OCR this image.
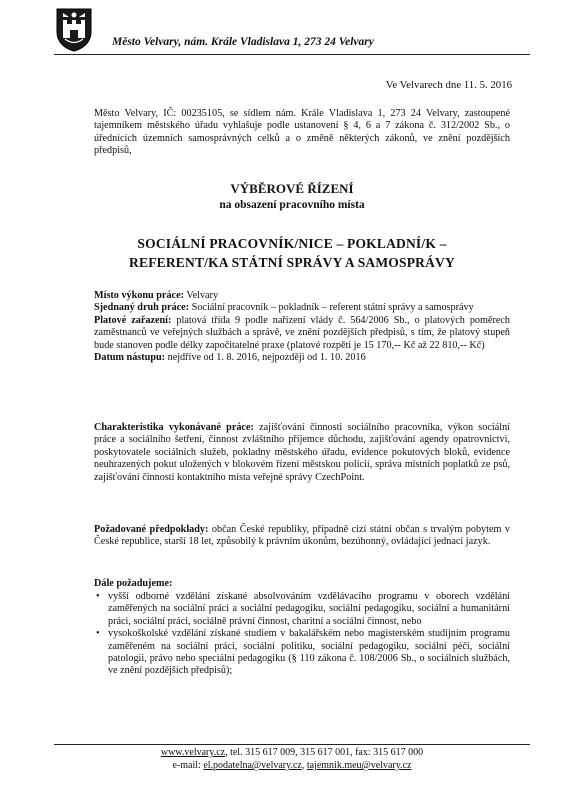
Město Velvary, nám. Krále Vladislava 1, 273 24 Velvary
Ve Velvarech dne 11. 5. 2016
Město Velvary, IČ: 00235105, se sídlem nám. Krále Vladislava 1, 273 24 Velvary, zastoupené tajemníkem městského úřadu vyhlašuje podle ustanovení § 4, 6 a 7 zákona č. 312/2002 Sb., o úřednících územních samosprávných celků a o změně některých zákonů, ve znění pozdějších předpisů,
VÝBĚROVÉ ŘÍZENÍ
na obsazení pracovního místa
SOCIÁLNÍ PRACOVNÍK/NICE – POKLADNÍ/K –
REFERENT/KA STÁTNÍ SPRÁVY A SAMOSPRÁVY
Místo výkonu práce: Velvary
Sjednaný druh práce: Sociální pracovník – pokladník – referent státní správy a samosprávy
Platové zařazení: platová třída 9 podle nařízení vlády č. 564/2006 Sb., o platových poměrech zaměstnanců ve veřejných službách a správě, ve znění pozdějších předpisů, s tím, že platový stupeň bude stanoven podle délky započitatelné praxe (platové rozpětí je 15 170,-- Kč až 22 810,-- Kč)
Datum nástupu: nejdříve od 1. 8. 2016, nejpozději od 1. 10. 2016
Charakteristika vykonávané práce: zajišťování činnosti sociálního pracovníka, výkon sociální práce a sociálního šetření, činnost zvláštního příjemce důchodu, zajišťování agendy opatrovnictví, poskytovatele sociálních služeb, pokladny městského úřadu, evidence pokutových bloků, evidence neuhrazených pokut uložených v blokovém řízení městskou policií, správa místních poplatků ze psů, zajišťování činnosti kontaktního místa veřejné správy CzechPoint.
Požadované předpoklady: občan České republiky, případně cizí státní občan s trvalým pobytem v České republice, starší 18 let, způsobilý k právním úkonům, bezúhonný, ovládající jednací jazyk.
Dále požadujeme:
• vyšší odborné vzdělání získané absolvováním vzdělávacího programu v oborech vzdělání zaměřených na sociální práci a sociální pedagogiku, sociální pedagogiku, sociální a humanitární práci, sociální práci, sociálně právní činnost, charitní a sociální činnost, nebo
• vysokoškolské vzdělání získané studiem v bakalářském nebo magisterském studijním programu zaměřeném na sociální práci, sociální politiku, sociální pedagogiku, sociální péči, sociální patologii, právo nebo speciální pedagogiku (§ 110 zákona č. 108/2006 Sb., o sociálních službách, ve znění pozdějších předpisů);
www.velvary.cz, tel. 315 617 009, 315 617 001, fax: 315 617 000
e-mail: el.podatelna@velvary.cz, tajemnik.meu@velvary.cz
